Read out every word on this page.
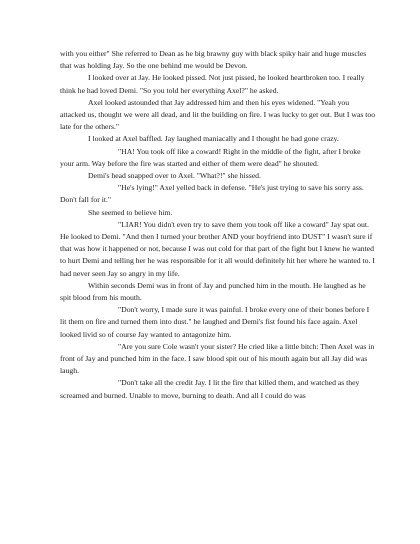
with you either" She referred to Dean as he big brawny guy with black spiky hair and huge muscles that was holding Jay. So the one behind me would be Devon.

I looked over at Jay. He looked pissed. Not just pissed, he looked heartbroken too. I really think he had loved Demi. "So you told her everything Axel?" he asked.

Axel looked astounded that Jay addressed him and then his eyes widened. "Yeah you attacked us, thought we were all dead, and lit the building on fire. I was lucky to get out. But I was too late for the others."

I looked at Axel baffled. Jay laughed maniacally and I thought he had gone crazy.

"HA! You took off like a coward! Right in the middle of the fight, after I broke your arm. Way before the fire was started and either of them were dead" he shouted.

Demi's head snapped over to Axel. "What?!" she hissed.

"He's lying!" Axel yelled back in defense. "He's just trying to save his sorry ass. Don't fall for it."

She seemed to believe him.

"LIAR! You didn't even try to save them you took off like a coward" Jay spat out. He looked to Demi. "And then I turned your brother AND your boyfriend into DUST" I wasn't sure if that was how it happened or not, because I was out cold for that part of the fight but I knew he wanted to hurt Demi and telling her he was responsible for it all would definitely hit her where he wanted to. I had never seen Jay so angry in my life.

Within seconds Demi was in front of Jay and punched him in the mouth. He laughed as he spit blood from his mouth.

"Don't worry, I made sure it was painful. I broke every one of their bones before I lit them on fire and turned them into dust." he laughed and Demi's fist found his face again. Axel looked livid so of course Jay wanted to antagonize him.

"Are you sure Cole wasn't your sister? He cried like a little bitch: Then Axel was in front of Jay and punched him in the face. I saw blood spit out of his mouth again but all Jay did was laugh.

"Don't take all the credit Jay. I lit the fire that killed them, and watched as they screamed and burned. Unable to move, burning to death. And all I could do was
